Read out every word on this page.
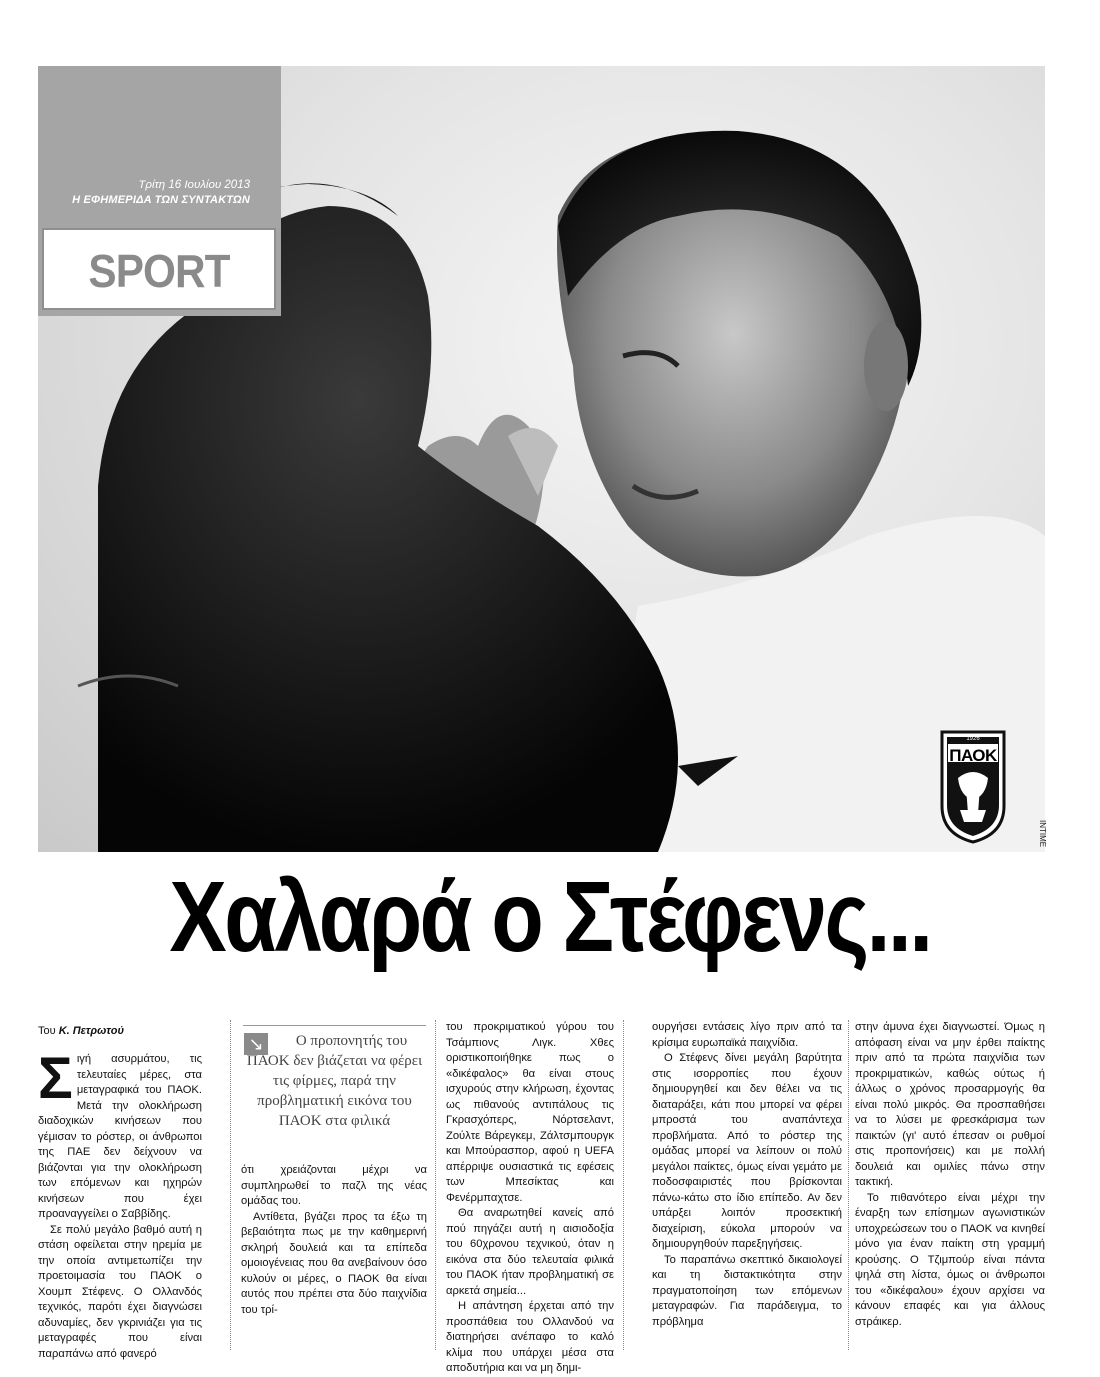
ΠΑΟΚ
1926
Τρίτη 16 Ιουλίου 2013
Η ΕΦΗΜΕΡΙΔΑ ΤΩΝ ΣΥΝΤΑΚΤΩΝ
SPORT
INTIME
Χαλαρά ο Στέφενς...
Του Κ. Πετρωτού
Σ ιγή ασυρμάτου, τις τελευταίες μέρες, στα μεταγραφικά του ΠΑΟΚ. Μετά την ολοκλήρωση διαδοχικών κινήσεων που γέμισαν το ρόστερ, οι άνθρωποι της ΠΑΕ δεν δείχνουν να βιάζονται για την ολοκλήρωση των επόμενων και ηχηρών κινήσεων που έχει προαναγγείλει ο Σαββίδης.

Σε πολύ μεγάλο βαθμό αυτή η στάση οφείλεται στην ηρεμία με την οποία αντιμετωπίζει την προετοιμασία του ΠΑΟΚ ο Χουμπ Στέφενς. Ο Ολλανδός τεχνικός, παρότι έχει διαγνώσει αδυναμίες, δεν γκρινιάζει για τις μεταγραφές που είναι παραπάνω από φανερό

↘	Ο προπονητής του ΠΑΟΚ δεν βιάζεται να φέρει τις φίρμες, παρά την προβληματική εικόνα του ΠΑΟΚ στα φιλικά

ότι χρειάζονται μέχρι να συμπληρωθεί το παζλ της νέας ομάδας του.

Αντίθετα, βγάζει προς τα έξω τη βεβαιότητα πως με την καθημερινή σκληρή δουλειά και τα επίπεδα ομοιογένειας που θα ανεβαίνουν όσο κυλούν οι μέρες, ο ΠΑΟΚ θα είναι αυτός που πρέπει στα δύο παιχνίδια του τρί-

του προκριματικού γύρου του Τσάμπιονς Λιγκ. Χθες οριστικοποιήθηκε πως ο «δικέφαλος» θα είναι στους ισχυρούς στην κλήρωση, έχοντας ως πιθανούς αντιπάλους τις Γκρασχόπερς, Νόρτσελαντ, Ζούλτε Βάρεγκεμ, Ζάλτσμπουργκ και Μπούρασπορ, αφού η UEFA απέρριψε ουσιαστικά τις εφέσεις των Μπεσίκτας και Φενέρμπαχτσε.

Θα αναρωτηθεί κανείς από πού πηγάζει αυτή η αισιοδοξία του 60χρονου τεχνικού, όταν η εικόνα στα δύο τελευταία φιλικά του ΠΑΟΚ ήταν προβληματική σε αρκετά σημεία...

Η απάντηση έρχεται από την προσπάθεια του Ολλανδού να διατηρήσει ανέπαφο το καλό κλίμα που υπάρχει μέσα στα αποδυτήρια και να μη δημι-

ουργήσει εντάσεις λίγο πριν από τα κρίσιμα ευρωπαϊκά παιχνίδια.

Ο Στέφενς δίνει μεγάλη βαρύτητα στις ισορροπίες που έχουν δημιουργηθεί και δεν θέλει να τις διαταράξει, κάτι που μπορεί να φέρει μπροστά του αναπάντεχα προβλήματα. Από το ρόστερ της ομάδας μπορεί να λείπουν οι πολύ μεγάλοι παίκτες, όμως είναι γεμάτο με ποδοσφαιριστές που βρίσκονται πάνω-κάτω στο ίδιο επίπεδο. Αν δεν υπάρξει λοιπόν προσεκτική διαχείριση, εύκολα μπορούν να δημιουργηθούν παρεξηγήσεις.

Το παραπάνω σκεπτικό δικαιολογεί και τη διστακτικότητα στην πραγματοποίηση των επόμενων μεταγραφών. Για παράδειγμα, το πρόβλημα

στην άμυνα έχει διαγνωστεί. Όμως η απόφαση είναι να μην έρθει παίκτης πριν από τα πρώτα παιχνίδια των προκριματικών, καθώς ούτως ή άλλως ο χρόνος προσαρμογής θα είναι πολύ μικρός. Θα προσπαθήσει να το λύσει με φρεσκάρισμα των παικτών (γι' αυτό έπεσαν οι ρυθμοί στις προπονήσεις) και με πολλή δουλειά και ομιλίες πάνω στην τακτική.

Το πιθανότερο είναι μέχρι την έναρξη των επίσημων αγωνιστικών υποχρεώσεων του ο ΠΑΟΚ να κινηθεί μόνο για έναν παίκτη στη γραμμή κρούσης. Ο Τζιμπούρ είναι πάντα ψηλά στη λίστα, όμως οι άνθρωποι του «δικέφαλου» έχουν αρχίσει να κάνουν επαφές και για άλλους στράικερ.
